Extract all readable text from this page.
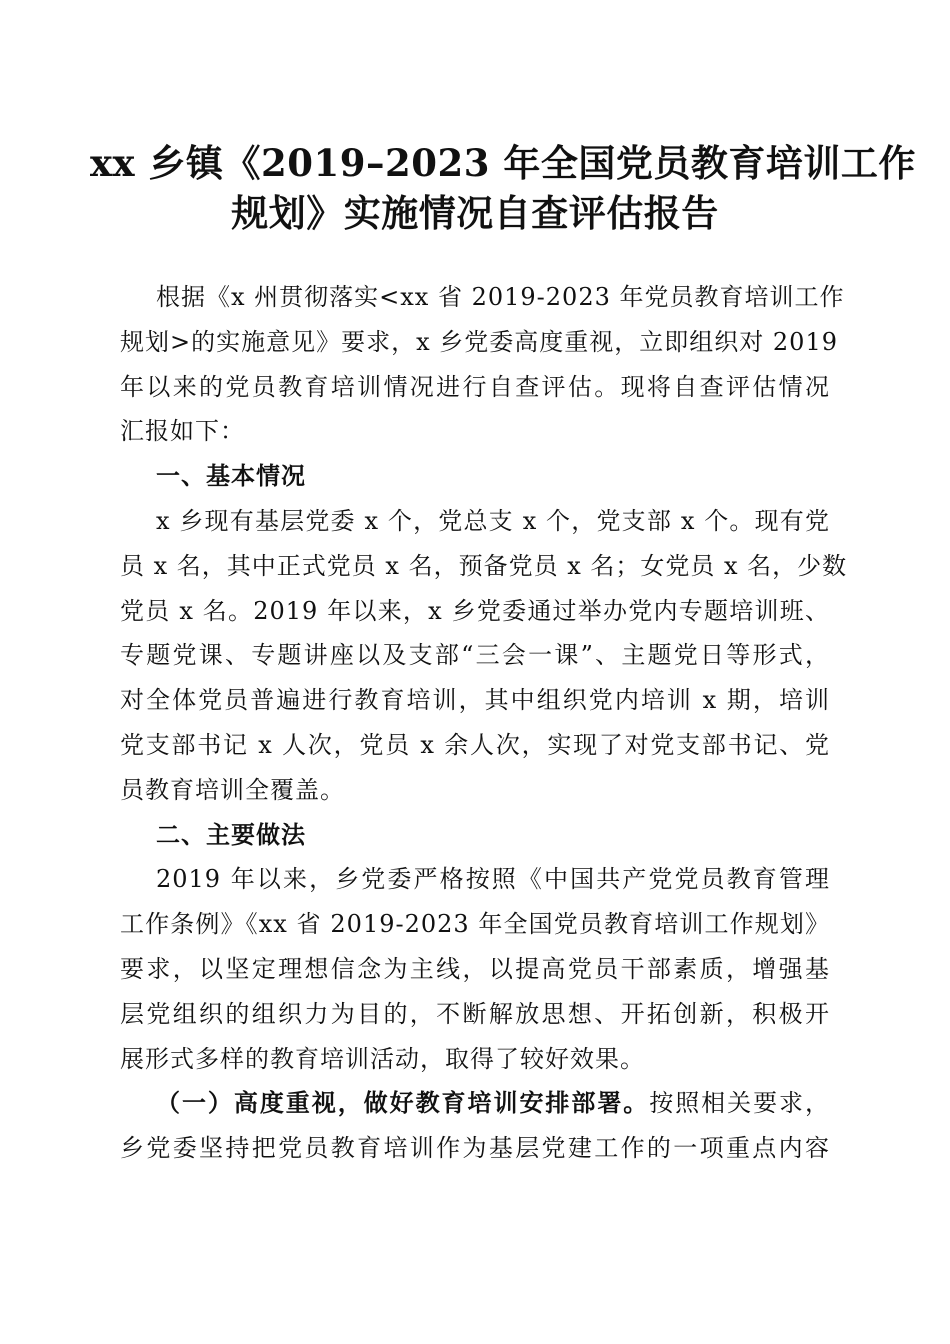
xx 乡镇《2019–2023 年全国党员教育培训工作
规划》实施情况自查评估报告
根据《x 州贯彻落实<xx 省 2019-2023 年党员教育培训工作
规划>的实施意见》要求，x 乡党委高度重视，立即组织对 2019
年以来的党员教育培训情况进行自查评估。现将自查评估情况
汇报如下：
一、基本情况
x 乡现有基层党委 x 个，党总支 x 个，党支部 x 个。现有党
员 x 名，其中正式党员 x 名，预备党员 x 名；女党员 x 名，少数
党员 x 名。2019 年以来，x 乡党委通过举办党内专题培训班、
专题党课、专题讲座以及支部“三会一课”、主题党日等形式，
对全体党员普遍进行教育培训，其中组织党内培训 x 期，培训
党支部书记 x 人次，党员 x 余人次，实现了对党支部书记、党
员教育培训全覆盖。
二、主要做法
2019 年以来，乡党委严格按照《中国共产党党员教育管理
工作条例》《xx 省 2019-2023 年全国党员教育培训工作规划》
要求，以坚定理想信念为主线，以提高党员干部素质，增强基
层党组织的组织力为目的，不断解放思想、开拓创新，积极开
展形式多样的教育培训活动，取得了较好效果。
（一）高度重视，做好教育培训安排部署。按照相关要求，
乡党委坚持把党员教育培训作为基层党建工作的一项重点内容
